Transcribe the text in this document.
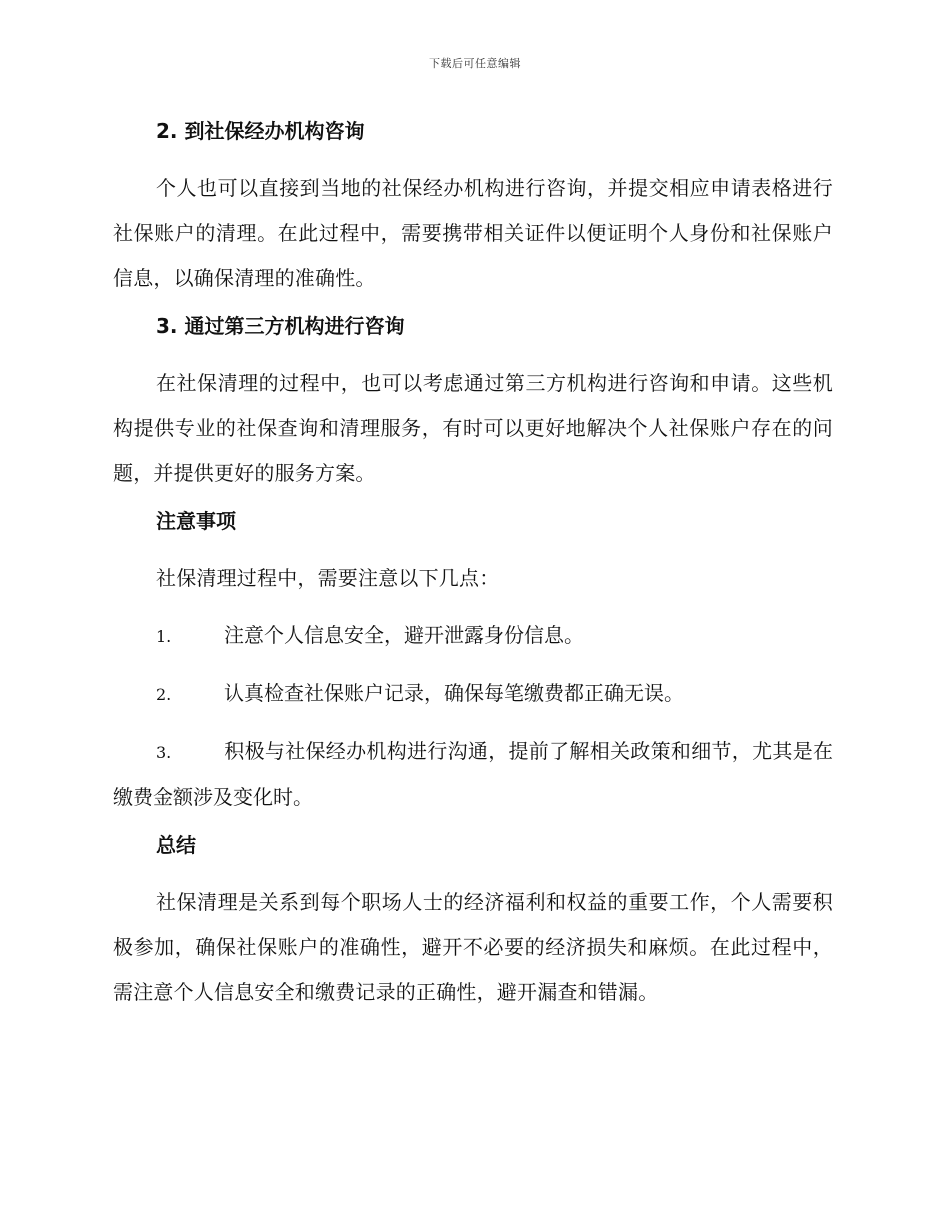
下载后可任意编辑
2. 到社保经办机构咨询

个人也可以直接到当地的社保经办机构进行咨询，并提交相应申请表格进行社保账户的清理。在此过程中，需要携带相关证件以便证明个人身份和社保账户信息，以确保清理的准确性。

3. 通过第三方机构进行咨询

在社保清理的过程中，也可以考虑通过第三方机构进行咨询和申请。这些机构提供专业的社保查询和清理服务，有时可以更好地解决个人社保账户存在的问题，并提供更好的服务方案。

注意事项

社保清理过程中，需要注意以下几点：

1.	注意个人信息安全，避开泄露身份信息。

2.	认真检查社保账户记录，确保每笔缴费都正确无误。

3.	积极与社保经办机构进行沟通，提前了解相关政策和细节，尤其是在缴费金额涉及变化时。

总结

社保清理是关系到每个职场人士的经济福利和权益的重要工作，个人需要积极参加，确保社保账户的准确性，避开不必要的经济损失和麻烦。在此过程中，需注意个人信息安全和缴费记录的正确性，避开漏查和错漏。
